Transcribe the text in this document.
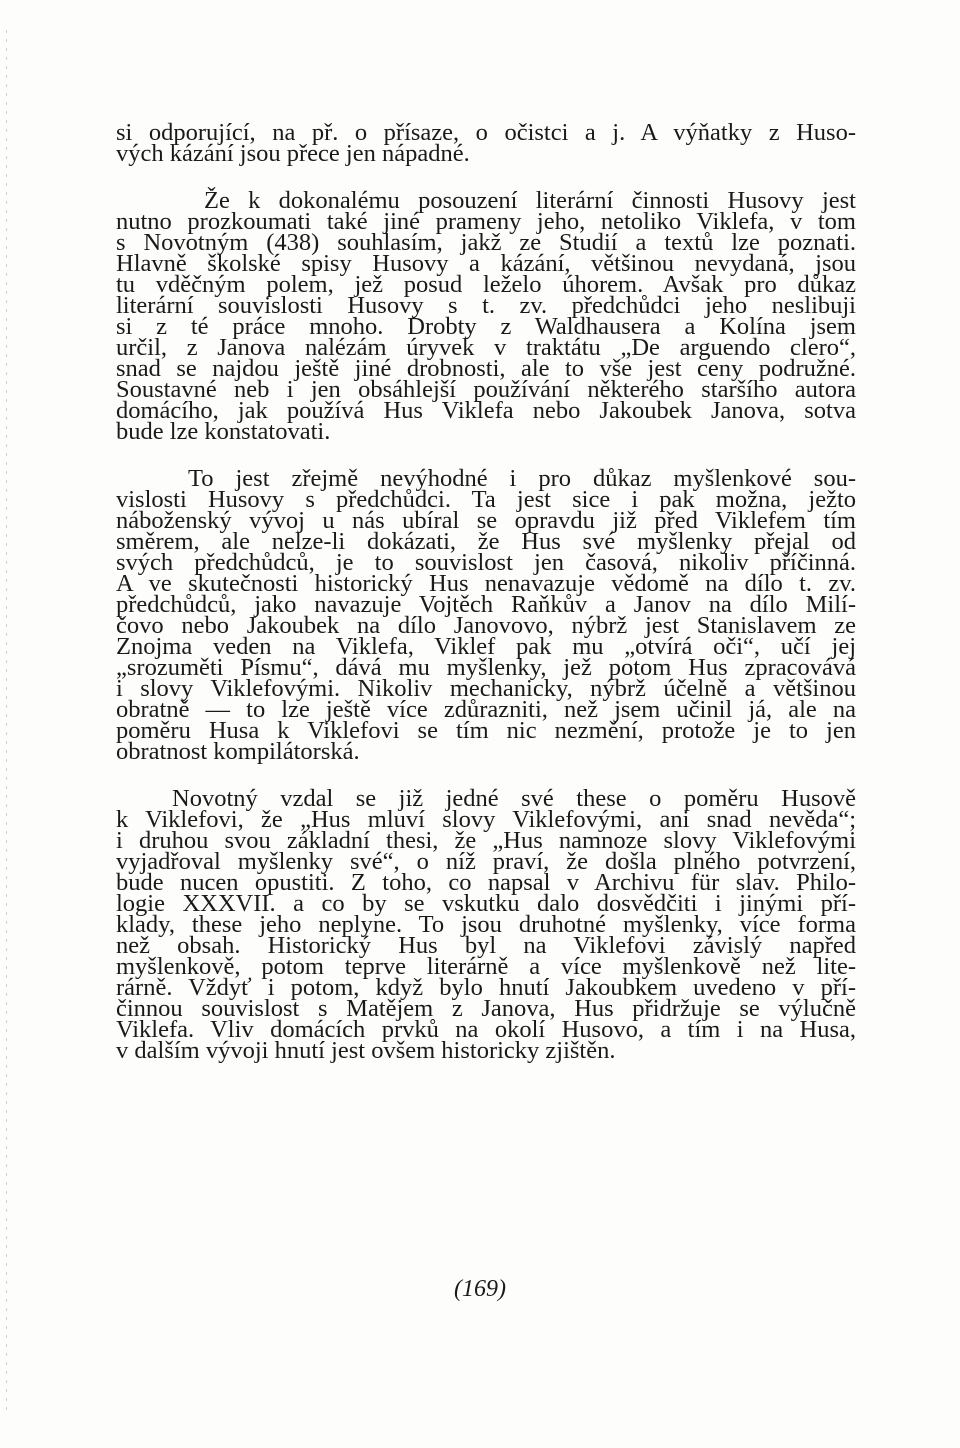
si odporující, na př. o přísaze, o očistci a j. A výňatky z Huso-
vých kázání jsou přece jen nápadné.
Že k dokonalému posouzení literární činnosti Husovy jest
nutno prozkoumati také jiné prameny jeho, netoliko Viklefa, v tom
s Novotným (438) souhlasím, jakž ze Studií a textů lze poznati.
Hlavně školské spisy Husovy a kázání, většinou nevydaná, jsou
tu vděčným polem, jež posud leželo úhorem. Avšak pro důkaz
literární souvislosti Husovy s t. zv. předchůdci jeho neslibuji
si z té práce mnoho. Drobty z Waldhausera a Kolína jsem
určil, z Janova nalézám úryvek v traktátu „De arguendo clero“,
snad se najdou ještě jiné drobnosti, ale to vše jest ceny podružné.
Soustavné neb i jen obsáhlejší používání některého staršího autora
domácího, jak používá Hus Viklefa nebo Jakoubek Janova, sotva
bude lze konstatovati.
To jest zřejmě nevýhodné i pro důkaz myšlenkové sou-
vislosti Husovy s předchůdci. Ta jest sice i pak možna, ježto
náboženský vývoj u nás ubíral se opravdu již před Viklefem tím
směrem, ale nelze-li dokázati, že Hus své myšlenky přejal od
svých předchůdců, je to souvislost jen časová, nikoliv příčinná.
A ve skutečnosti historický Hus nenavazuje vědomě na dílo t. zv.
předchůdců, jako navazuje Vojtěch Raňkův a Janov na dílo Milí-
čovo nebo Jakoubek na dílo Janovovo, nýbrž jest Stanislavem ze
Znojma veden na Viklefa, Viklef pak mu „otvírá oči“, učí jej
„srozuměti Písmu“, dává mu myšlenky, jež potom Hus zpracovává
i slovy Viklefovými. Nikoliv mechanicky, nýbrž účelně a většinou
obratně — to lze ještě více zdůrazniti, než jsem učinil já, ale na
poměru Husa k Viklefovi se tím nic nezmění, protože je to jen
obratnost kompilátorská.
Novotný vzdal se již jedné své these o poměru Husově
k Viklefovi, že „Hus mluví slovy Viklefovými, ani snad nevěda“;
i druhou svou základní thesi, že „Hus namnoze slovy Viklefovými
vyjadřoval myšlenky své“, o níž praví, že došla plného potvrzení,
bude nucen opustiti. Z toho, co napsal v Archivu für slav. Philo-
logie XXXVII. a co by se vskutku dalo dosvědčiti i jinými pří-
klady, these jeho neplyne. To jsou druhotné myšlenky, více forma
než obsah. Historický Hus byl na Viklefovi závislý napřed
myšlenkově, potom teprve literárně a více myšlenkově než lite-
rárně. Vždyť i potom, když bylo hnutí Jakoubkem uvedeno v pří-
činnou souvislost s Matějem z Janova, Hus přidržuje se výlučně
Viklefa. Vliv domácích prvků na okolí Husovo, a tím i na Husa,
v dalším vývoji hnutí jest ovšem historicky zjištěn.
(169)
